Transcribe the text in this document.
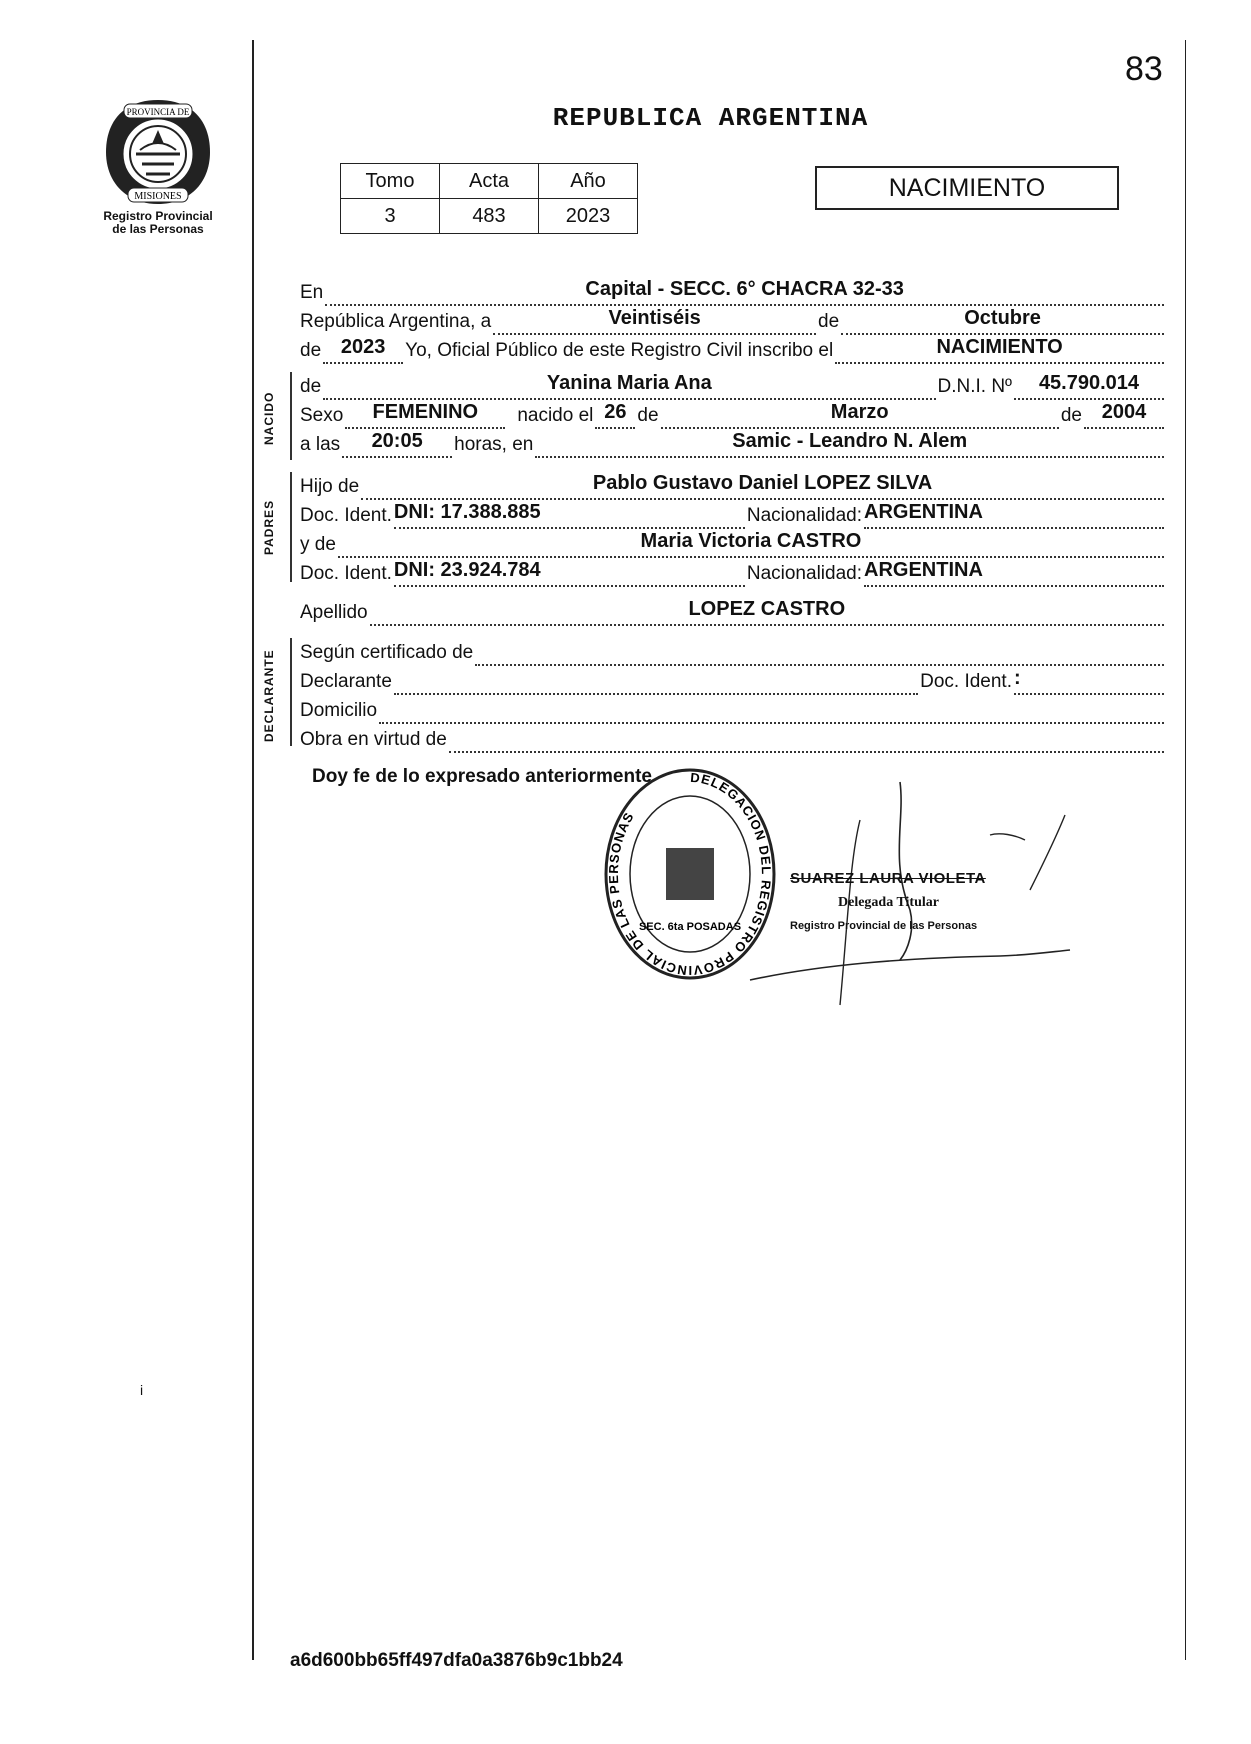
83
REPUBLICA ARGENTINA
PROVINCIA DE
MISIONES
Registro Provincial
de las Personas
Tomo	Acta	Año
3	483	2023
NACIMIENTO
En	Capital - SECC. 6° CHACRA 32-33
República Argentina, a	Veintiséis	de	Octubre
de 2023	Yo, Oficial Público de este Registro Civil inscribo el	NACIMIENTO
NACIDO
de	Yanina Maria Ana	D.N.I. Nº	45.790.014
Sexo	FEMENINO	nacido el 26 de	Marzo	de 2004
a las	20:05	horas, en	Samic - Leandro N. Alem
PADRES
Hijo de	Pablo Gustavo Daniel LOPEZ SILVA
Doc. Ident. DNI: 17.388.885	Nacionalidad: ARGENTINA
y de	Maria Victoria CASTRO
Doc. Ident. DNI: 23.924.784	Nacionalidad: ARGENTINA
Apellido	LOPEZ CASTRO
DECLARANTE Según certificado de
Declarante	Doc. Ident. :
Domicilio
Obra en virtud de
Doy fe de lo expresado anteriormente	DELEGACION DEL REGISTRO PROVINCIAL DE LAS PERSONAS
SEC. 6ta POSADAS
SUAREZ LAURA VIOLETA
Delegada Titular
Registro Provincial de las Personas
i
a6d600bb65ff497dfa0a3876b9c1bb24
